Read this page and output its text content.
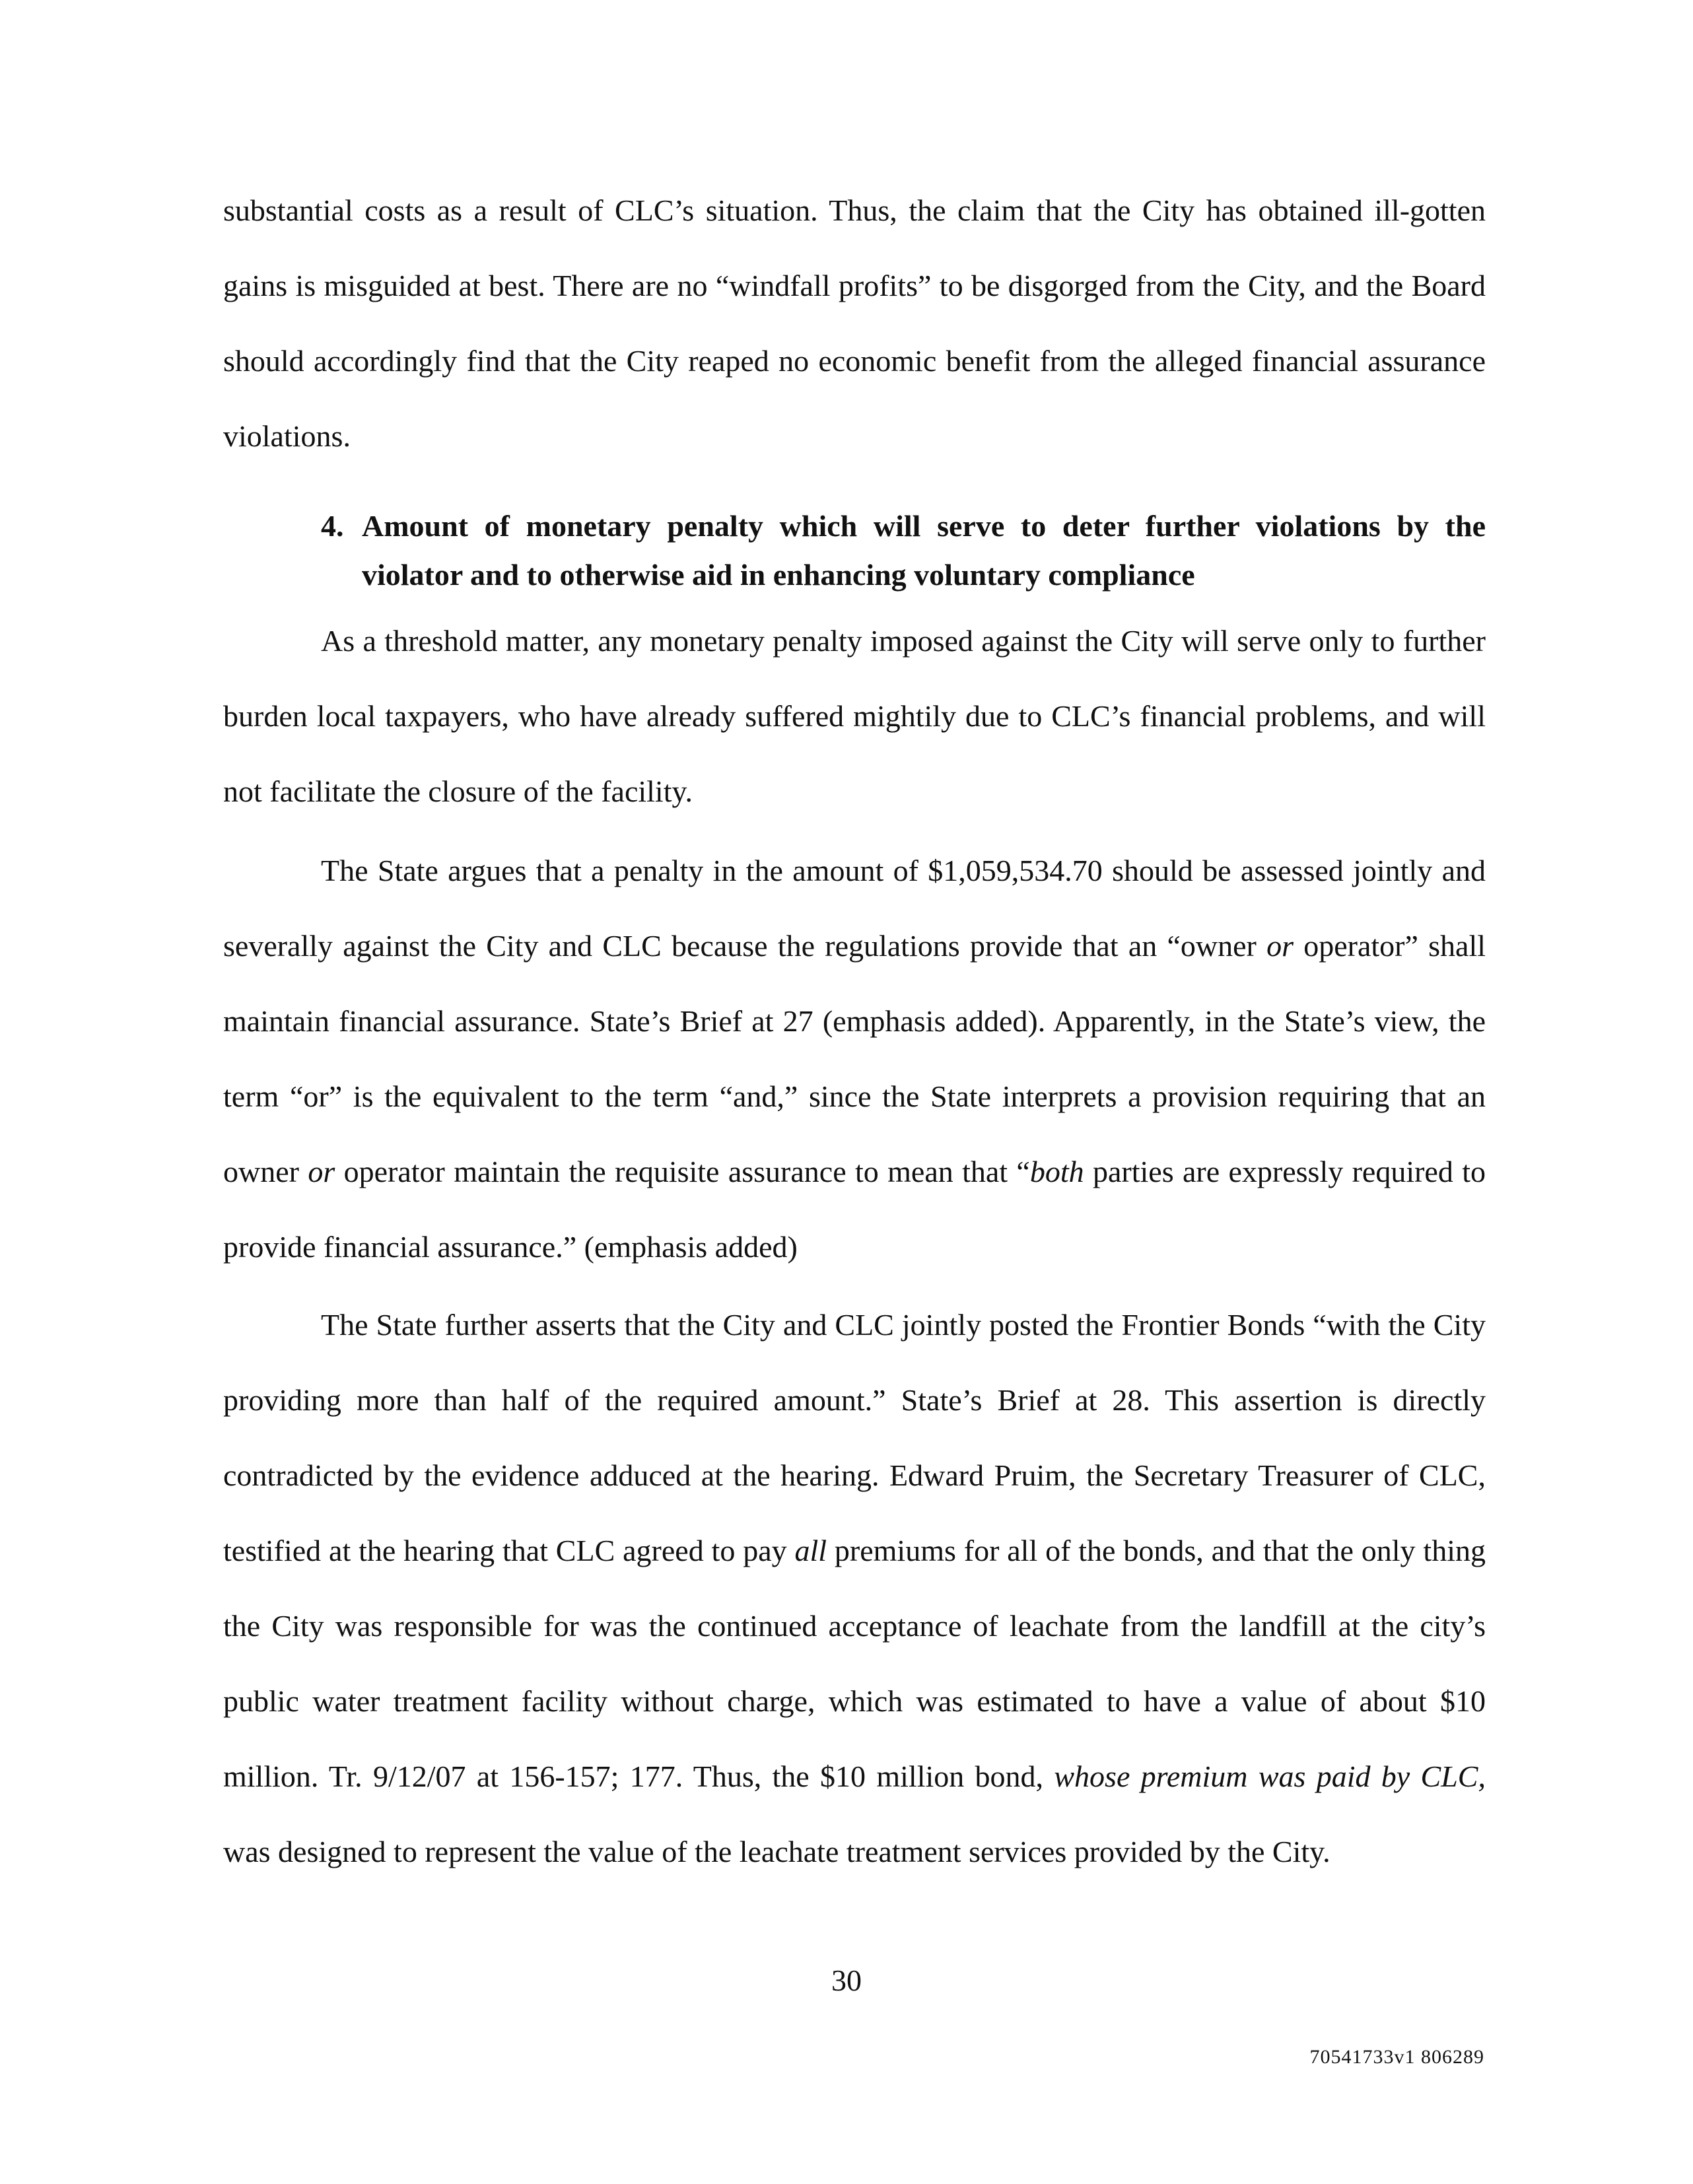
substantial costs as a result of CLC’s situation. Thus, the claim that the City has obtained ill-gotten gains is misguided at best. There are no “windfall profits” to be disgorged from the City, and the Board should accordingly find that the City reaped no economic benefit from the alleged financial assurance violations.

4. Amount of monetary penalty which will serve to deter further violations by the violator and to otherwise aid in enhancing voluntary compliance

As a threshold matter, any monetary penalty imposed against the City will serve only to further burden local taxpayers, who have already suffered mightily due to CLC’s financial problems, and will not facilitate the closure of the facility.

The State argues that a penalty in the amount of $1,059,534.70 should be assessed jointly and severally against the City and CLC because the regulations provide that an “owner or operator” shall maintain financial assurance. State’s Brief at 27 (emphasis added). Apparently, in the State’s view, the term “or” is the equivalent to the term “and,” since the State interprets a provision requiring that an owner or operator maintain the requisite assurance to mean that “both parties are expressly required to provide financial assurance.” (emphasis added)

The State further asserts that the City and CLC jointly posted the Frontier Bonds “with the City providing more than half of the required amount.” State’s Brief at 28. This assertion is directly contradicted by the evidence adduced at the hearing. Edward Pruim, the Secretary Treasurer of CLC, testified at the hearing that CLC agreed to pay all premiums for all of the bonds, and that the only thing the City was responsible for was the continued acceptance of leachate from the landfill at the city’s public water treatment facility without charge, which was estimated to have a value of about $10 million. Tr. 9/12/07 at 156-157; 177. Thus, the $10 million bond, whose premium was paid by CLC, was designed to represent the value of the leachate treatment services provided by the City.

30
70541733v1 806289
